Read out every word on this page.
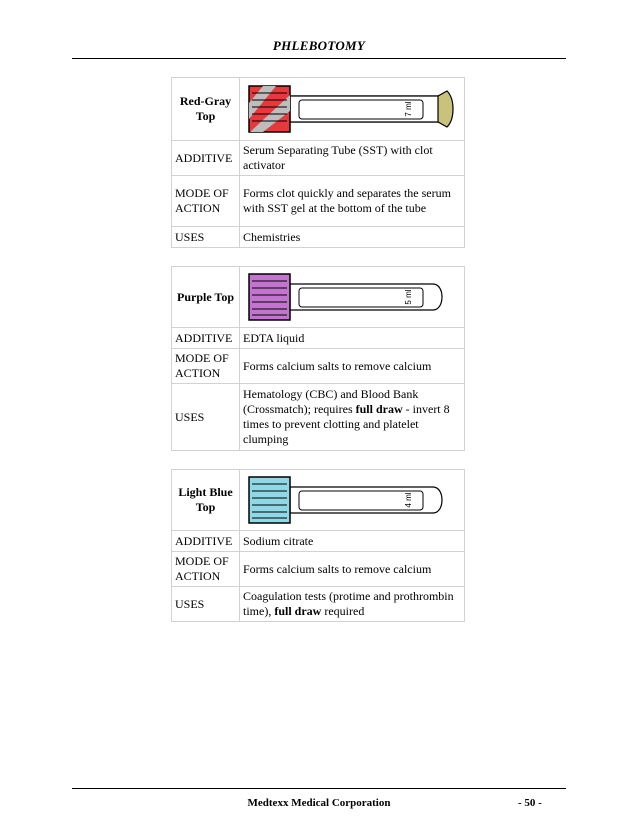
PHLEBOTOMY
Red-Gray Top	7 ml

ADDITIVE	Serum Separating Tube (SST) with clot activator
MODE OF ACTION	Forms clot quickly and separates the serum with SST gel at the bottom of the tube
USES	Chemistries
Purple Top	5 ml

ADDITIVE	EDTA liquid
MODE OF ACTION	Forms calcium salts to remove calcium
USES	Hematology (CBC) and Blood Bank (Crossmatch); requires full draw - invert 8 times to prevent clotting and platelet clumping
Light Blue Top	4 ml

ADDITIVE	Sodium citrate
MODE OF ACTION	Forms calcium salts to remove calcium
USES	Coagulation tests (protime and prothrombin time), full draw required
Medtexx Medical Corporation	- 50 -
